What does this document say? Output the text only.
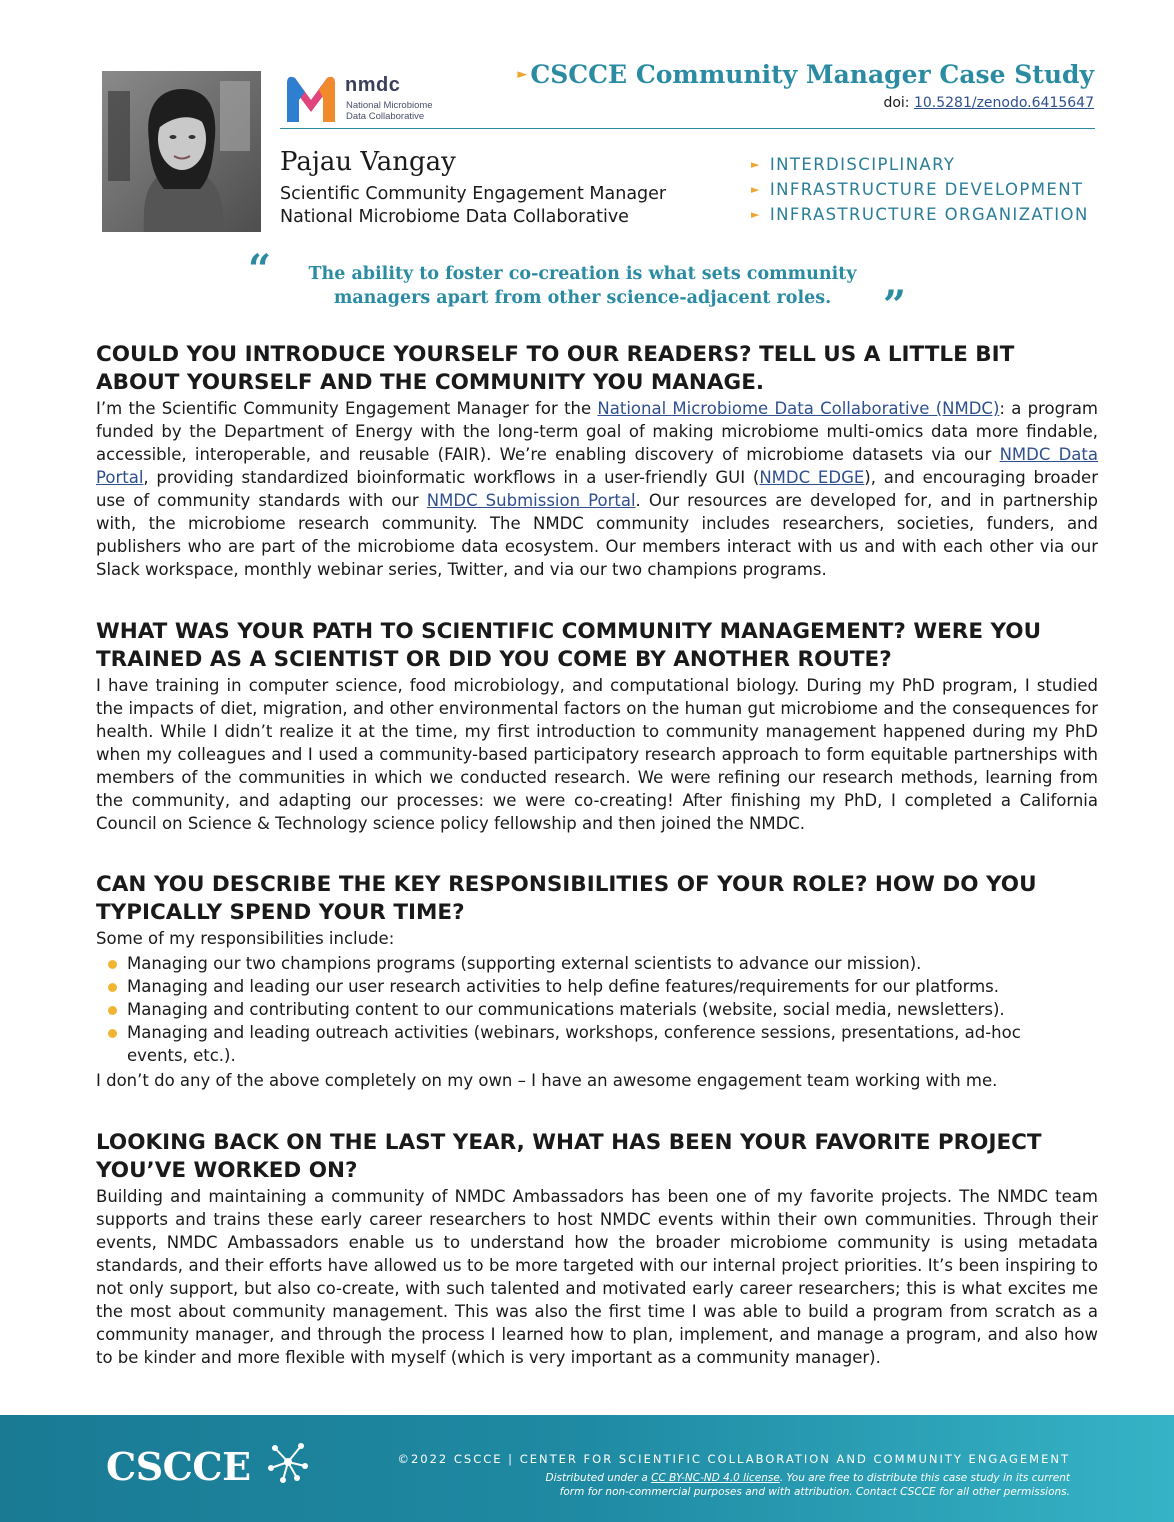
nmdc
National Microbiome Data Collaborative
► CSCCE Community Manager Case Study
doi: 10.5281/zenodo.6415647
Pajau Vangay
Scientific Community Engagement Manager
National Microbiome Data Collaborative
► INTERDISCIPLINARY
► INFRASTRUCTURE DEVELOPMENT
► INFRASTRUCTURE ORGANIZATION
“	The ability to foster co-creation is what sets community managers apart from other science-adjacent roles.	”
COULD YOU INTRODUCE YOURSELF TO OUR READERS? TELL US A LITTLE BIT ABOUT YOURSELF AND THE COMMUNITY YOU MANAGE.

I’m the Scientific Community Engagement Manager for the National Microbiome Data Collaborative (NMDC): a program funded by the Department of Energy with the long-term goal of making microbiome multi-omics data more findable, accessible, interoperable, and reusable (FAIR). We’re enabling discovery of microbiome datasets via our NMDC Data Portal, providing standardized bioinformatic workflows in a user-friendly GUI (NMDC EDGE), and encouraging broader use of community standards with our NMDC Submission Portal. Our resources are developed for, and in partnership with, the microbiome research community. The NMDC community includes researchers, societies, funders, and publishers who are part of the microbiome data ecosystem. Our members interact with us and with each other via our Slack workspace, monthly webinar series, Twitter, and via our two champions programs.

WHAT WAS YOUR PATH TO SCIENTIFIC COMMUNITY MANAGEMENT? WERE YOU TRAINED AS A SCIENTIST OR DID YOU COME BY ANOTHER ROUTE?

I have training in computer science, food microbiology, and computational biology. During my PhD program, I studied the impacts of diet, migration, and other environmental factors on the human gut microbiome and the consequences for health. While I didn’t realize it at the time, my first introduction to community management happened during my PhD when my colleagues and I used a community-based participatory research approach to form equitable partnerships with members of the communities in which we conducted research. We were refining our research methods, learning from the community, and adapting our processes: we were co-creating! After finishing my PhD, I completed a California Council on Science & Technology science policy fellowship and then joined the NMDC.

CAN YOU DESCRIBE THE KEY RESPONSIBILITIES OF YOUR ROLE? HOW DO YOU TYPICALLY SPEND YOUR TIME?

Some of my responsibilities include:

Managing our two champions programs (supporting external scientists to advance our mission).
Managing and leading our user research activities to help define features/requirements for our platforms.
Managing and contributing content to our communications materials (website, social media, newsletters).
Managing and leading outreach activities (webinars, workshops, conference sessions, presentations, ad-hoc events, etc.).

I don’t do any of the above completely on my own – I have an awesome engagement team working with me.

LOOKING BACK ON THE LAST YEAR, WHAT HAS BEEN YOUR FAVORITE PROJECT YOU’VE WORKED ON?

Building and maintaining a community of NMDC Ambassadors has been one of my favorite projects. The NMDC team supports and trains these early career researchers to host NMDC events within their own communities. Through their events, NMDC Ambassadors enable us to understand how the broader microbiome community is using metadata standards, and their efforts have allowed us to be more targeted with our internal project priorities. It’s been inspiring to not only support, but also co-create, with such talented and motivated early career researchers; this is what excites me the most about community management. This was also the first time I was able to build a program from scratch as a community manager, and through the process I learned how to plan, implement, and manage a program, and also how to be kinder and more flexible with myself (which is very important as a community manager).

CSCCE	©2022 CSCCE | CENTER FOR SCIENTIFIC COLLABORATION AND COMMUNITY ENGAGEMENT
Distributed under a CC BY-NC-ND 4.0 license. You are free to distribute this case study in its current form for non-commercial purposes and with attribution. Contact CSCCE for all other permissions.
